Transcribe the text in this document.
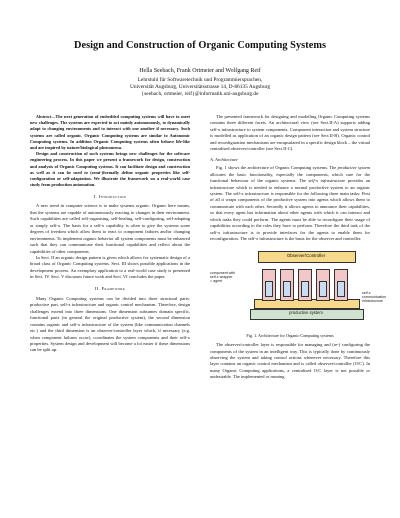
Design and Construction of Organic Computing Systems
Hella Seebach, Frank Ortmeier and Wolfgang Reif
Lehrstuhl für Softwaretechnik und Programmiersprachen,
Universität Augsburg, Universitätsstrasse 14, D-86135 Augsburg
{seebach, ortmeier, reif}@informatik.uni-augsburg.de

Abstract—The next generation of embedded computing systems will have to meet new challenges. The systems are expected to act mainly autonomously, to dynamically adapt to changing environments and to interact with one another if necessary. Such systems are called organic. Organic Computing systems are similar to Autonomic Computing systems. In addition Organic Computing systems often behave life-like and are inspired by nature/biological phenomena.

Design and construction of such systems brings new challenges for the software engineering process. In this paper we present a framework for design, construction and analysis of Organic Computing systems. It can facilitate design and construction as well as it can be used to (semi-)formally define organic properties like self-configuration or self-adaptation. We illustrate the framework on a real-world case study from production automation.

I. Introduction

A new trend in computer science is to make systems organic. Organic here means, that the systems are capable of autonomously reacting to changes in their environment. Such capabilities are called self-organising, self-healing, self-configuring, self-adapting or simply self-x. The basis for a self-x capability is often to give the systems some degrees of freedom which allow them to react to component failures and/or changing environments. To implement organic behavior all system components must be enhanced such that they can communicate their functional capabilities and reflect about the capabilities of other components.

In Sect. II an organic design pattern is given which allows for systematic design of a broad class of Organic Computing systems. Sect. III shows possible applications in the development process. An exemplary application to a real-world case study is presented in Sect. IV. Sect. V discusses future work and Sect. VI concludes the paper.

II. Framework

Many Organic Computing systems can be divided into three structural parts: productive part, self-x infrastructure and organic control mechanism. Therefore, design challenges extend into three dimensions. One dimension subsumes domain specific, functional parts (in general the original productive system), the second dimension contains organic and self-x infrastructure of the system (like communication channels etc.) and the third dimension is an observer/controller layer which, if necessary (e.g. when component failures occur), coordinates the system components and their self-x properties. System design and development will become a lot easier if these dimensions can be split up.

The presented framework for designing and modelling Organic Computing systems contains three different facets. An architectural view (see Sect.II-A) supports adding self-x infrastructure to system components. Component interaction and system structure is modelled as application of an organic design pattern (see Sect.II-B). Organic control and reconfiguration mechanisms are encapsulated in a specific design block – the virtual centralised observer/controller (see Sect.II-C).

A. Architecture

Fig. 1 shows the architecture of Organic Computing systems. The productive system allocates the basic functionality, especially the components, which care for the functional behaviour of the organic systems. The self-x infrastructure provides an infrastructure which is needed to enhance a normal productive system to an organic system. The self-x infrastructure is responsible for the following three main tasks: First of all it wraps components of the productive system into agents which allows them to communicate with each other. Secondly it allows agents to announce their capabilities, so that every agent has information about other agents with which it can interact and which tasks they could perform. The agents must be able to reconfigure their usage of capabilities according to the roles they have to perform. Therefore the third task of the self-x infrastructure is to provide interfaces for the agents to enable them for reconfiguration. The self-x infrastructure is the basis for the observer and controller.

Observer/Controller
productive system
component with
self-x wrapper
= agent
self-x
communication
infrastructure
Fig. 1. Architecture for Organic Computing systems

The observer/controller layer is responsible for managing and (re-) configuring the components of the system in an intelligent way. This is typically done by continuously observing the system and taking control actions whenever necessary. Therefore this layer contains an organic control mechanism and is called observer/controller (O/C). In many Organic Computing applications, a centralised O/C layer is not possible or undesirable. The implemented or running
